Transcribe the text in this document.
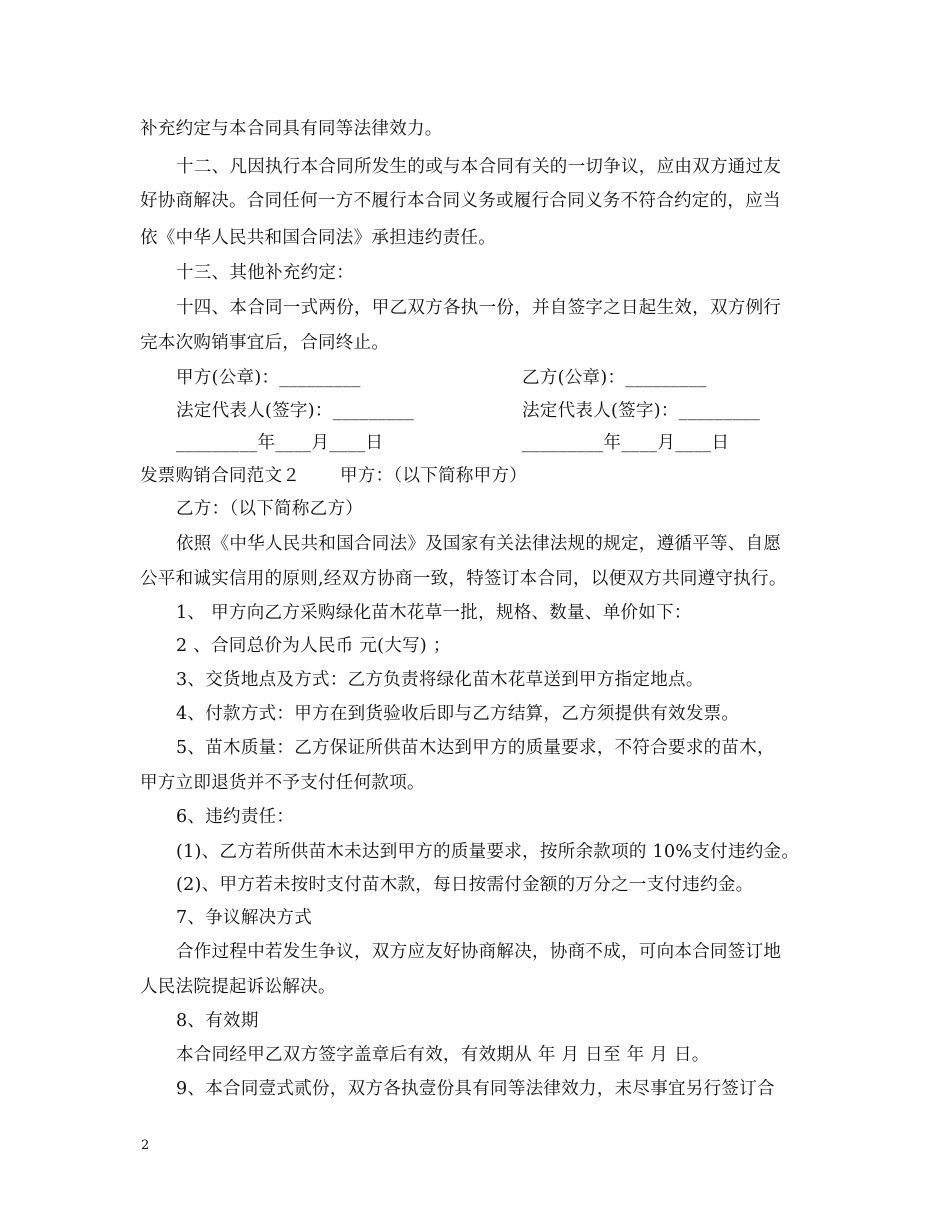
补充约定与本合同具有同等法律效力。
十二、凡因执行本合同所发生的或与本合同有关的一切争议，应由双方通过友
好协商解决。合同任何一方不履行本合同义务或履行合同义务不符合约定的，应当
依《中华人民共和国合同法》承担违约责任。
十三、其他补充约定：
十四、本合同一式两份，甲乙双方各执一份，并自签字之日起生效，双方例行
完本次购销事宜后，合同终止。
甲方(公章)：_________	乙方(公章)：_________
法定代表人(签字)：_________	法定代表人(签字)：_________
_________年____月____日	_________年____月____日
发票购销合同范文２ 甲方：（以下简称甲方）
乙方：（以下简称乙方）
依照《中华人民共和国合同法》及国家有关法律法规的规定，遵循平等、自愿
公平和诚实信用的原则,经双方协商一致，特签订本合同，以便双方共同遵守执行。
1、 甲方向乙方采购绿化苗木花草一批，规格、数量、单价如下：
2 、合同总价为人民币 元(大写) ；
3、交货地点及方式：乙方负责将绿化苗木花草送到甲方指定地点。
4、付款方式：甲方在到货验收后即与乙方结算，乙方须提供有效发票。
5、苗木质量：乙方保证所供苗木达到甲方的质量要求，不符合要求的苗木，
甲方立即退货并不予支付任何款项。
6、违约责任：
(1)、乙方若所供苗木未达到甲方的质量要求，按所余款项的 10%支付违约金。
(2)、甲方若未按时支付苗木款，每日按需付金额的万分之一支付违约金。
7、争议解决方式
合作过程中若发生争议，双方应友好协商解决，协商不成，可向本合同签订地
人民法院提起诉讼解决。
8、有效期
本合同经甲乙双方签字盖章后有效，有效期从 年 月 日至 年 月 日。
9、本合同壹式贰份，双方各执壹份具有同等法律效力，未尽事宜另行签订合
2
